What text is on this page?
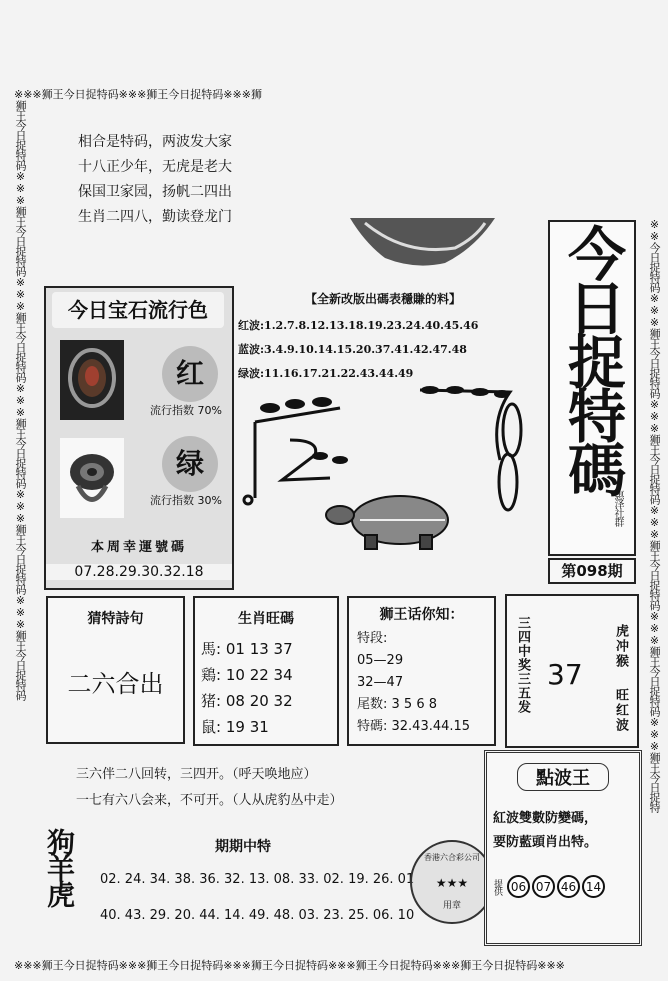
※※※狮王今日捉特码※※※狮王今日捉特码※※※狮
※※※狮王今日捉特码※※※狮王今日捉特码※※※狮王今日捉特码※※※狮王今日捉特码※※※狮王今日捉特码※※※
狮王今日捉特码※※※狮王今日捉特码※※※狮王今日捉特码※※※狮王今日捉特码※※※狮王今日捉特码※※※狮王今日捉特码	※※今日捉特码※※※狮王今日捉特码※※※狮王今日捉特码※※※狮王今日捉特码※※※狮王今日捉特码※※※狮王今日捉特
相合是特码，两波发大家
十八正少年，无虎是老大
保国卫家园，扬帆二四出
生肖二四八，勤读登龙门
今日捉特碼
惠泽社群
第098期
今日宝石流行色
红
流行指数 70%
绿
流行指数 30%
本周幸運號碼
07.28.29.30.32.18
【全新改版出碼表穩賺的料】
红波:1.2.7.8.12.13.18.19.23.24.40.45.46
蓝波:3.4.9.10.14.15.20.37.41.42.47.48
绿波:11.16.17.21.22.43.44.49
猜特詩句
二六合出
生肖旺碼
馬: 01 13 37
鶏: 10 22 34
猪: 08 20 32
鼠: 19 31
狮王话你知：
特段:
05—29
32—47
尾数: 3 5 6 8
特碼: 32.43.44.15
三四中奖三五发 37
虎冲猴
旺红波
三六伴二八回转，三四开。（呼天唤地应）
一七有六八会来，不可开。（人从虎豹丛中走）
狗羊虎	期期中特
02. 24. 34. 38. 36. 32. 13. 08. 33. 02. 19. 26. 01
40. 43. 29. 20. 44. 14. 49. 48. 03. 23. 25. 06. 10
香港六合彩公司
★★★
用章
點波王
紅波雙數防變碼，
要防藍頭肖出特。
提供 06 07 46 14
